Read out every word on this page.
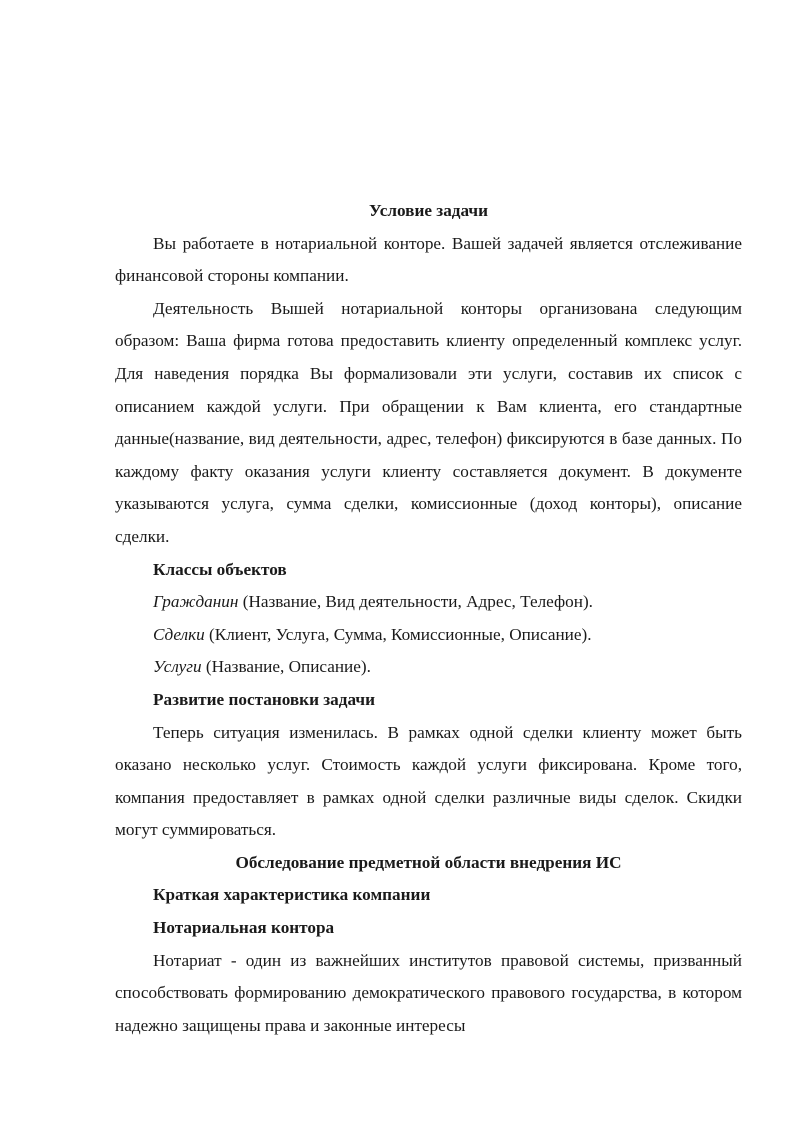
Условие задачи

Вы работаете в нотариальной конторе. Вашей задачей является отслеживание финансовой стороны компании.

Деятельность Вышей нотариальной конторы организована следующим образом: Ваша фирма готова предоставить клиенту определенный комплекс услуг. Для наведения порядка Вы формализовали эти услуги, составив их список с описанием каждой услуги. При обращении к Вам клиента, его стандартные данные(название, вид деятельности, адрес, телефон) фиксируются в базе данных. По каждому факту оказания услуги клиенту составляется документ. В документе указываются услуга, сумма сделки, комиссионные (доход конторы), описание сделки.

Классы объектов

Гражданин (Название, Вид деятельности, Адрес, Телефон).

Сделки (Клиент, Услуга, Сумма, Комиссионные, Описание).

Услуги (Название, Описание).

Развитие постановки задачи

Теперь ситуация изменилась. В рамках одной сделки клиенту может быть оказано несколько услуг. Стоимость каждой услуги фиксирована. Кроме того, компания предоставляет в рамках одной сделки различные виды сделок. Скидки могут суммироваться.

Обследование предметной области внедрения ИС

Краткая характеристика компании

Нотариальная контора

Нотариат - один из важнейших институтов правовой системы, призванный способствовать формированию демократического правового государства, в котором надежно защищены права и законные интересы
